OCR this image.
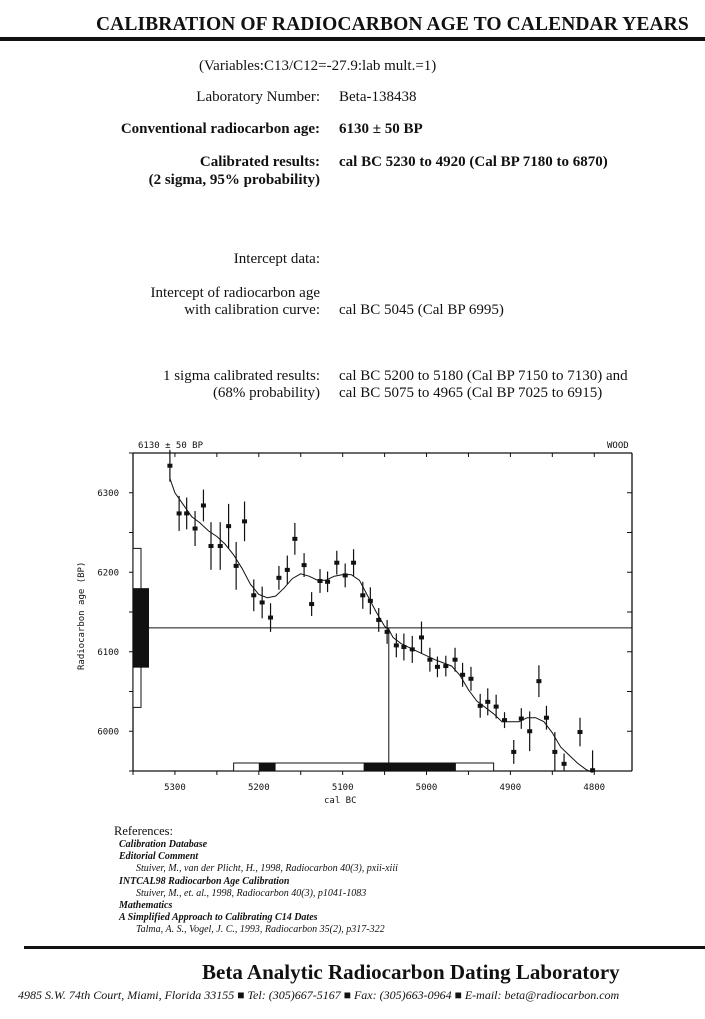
CALIBRATION OF RADIOCARBON AGE TO CALENDAR YEARS
(Variables:C13/C12=-27.9:lab mult.=1)
Laboratory Number: Beta-138438
Conventional radiocarbon age: 6130 ± 50 BP
Calibrated results:
(2 sigma, 95% probability)
cal BC 5230 to 4920 (Cal BP 7180 to 6870)
Intercept data:
Intercept of radiocarbon age
with calibration curve: cal BC 5045 (Cal BP 6995)
1 sigma calibrated results:
(68% probability)
cal BC 5200 to 5180 (Cal BP 7150 to 7130) and
cal BC 5075 to 4965 (Cal BP 7025 to 6915)
6130 ± 50 BP	WOOD
cal BC
Radiocarbon age (BP)
5300	5200	5100	5000	4900	4800
6000
6100
6200
6300
References:
Calibration Database
Editorial Comment
Stuiver, M., van der Plicht, H., 1998, Radiocarbon 40(3), pxii-xiii
INTCAL98 Radiocarbon Age Calibration
Stuiver, M., et. al., 1998, Radiocarbon 40(3), p1041-1083
Mathematics
A Simplified Approach to Calibrating C14 Dates
Talma, A. S., Vogel, J. C., 1993, Radiocarbon 35(2), p317-322
Beta Analytic Radiocarbon Dating Laboratory
4985 S.W. 74th Court, Miami, Florida 33155 ■ Tel: (305)667-5167 ■ Fax: (305)663-0964 ■ E-mail: beta@radiocarbon.com
